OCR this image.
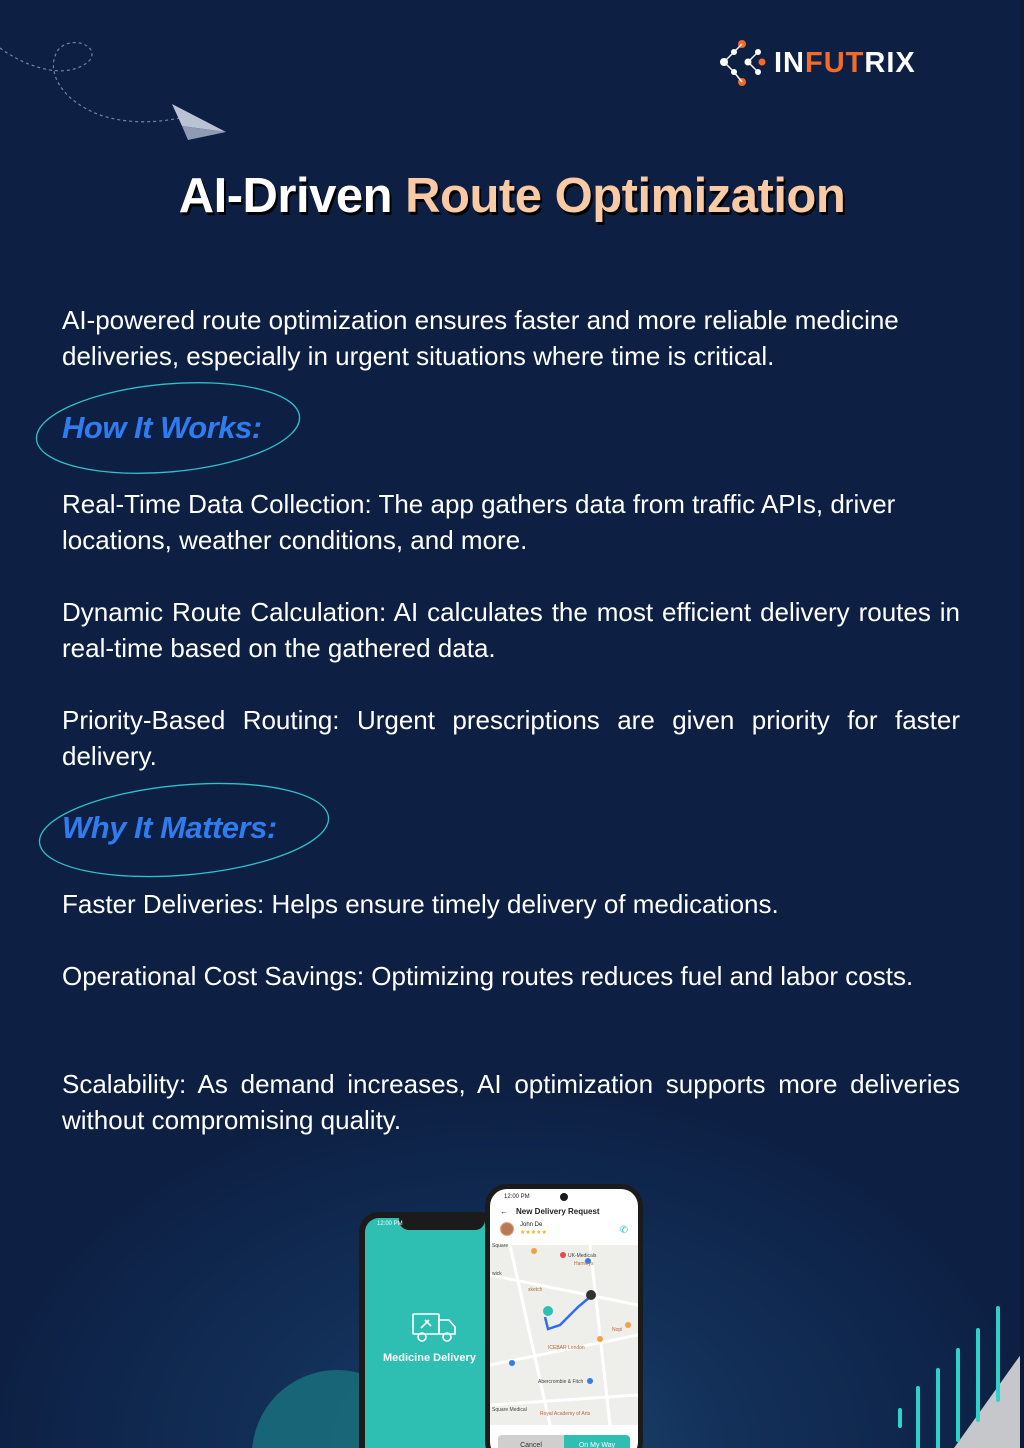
INFUTRIX
AI-Driven Route Optimization

AI-powered route optimization ensures faster and more reliable medicine deliveries, especially in urgent situations where time is critical.

How It Works:

Real-Time Data Collection: The app gathers data from traffic APIs, driver locations, weather conditions, and more.

Dynamic Route Calculation: AI calculates the most efficient delivery routes in real-time based on the gathered data.

Priority-Based Routing: Urgent prescriptions are given priority for faster delivery.

Why It Matters:

Faster Deliveries: Helps ensure timely delivery of medications.

Operational Cost Savings: Optimizing routes reduces fuel and labor costs.

Scalability: As demand increases, AI optimization supports more deliveries without compromising quality.

12:00 PM
Medicine Delivery
12:00 PM
← New Delivery Request
John De
★★★★★	✆
Square
wick
UK-Medicals
Hamleys
sketch
Nopi
ICEBAR London
Abercrombie & Fitch
Square Medical
Royal Academy of Arts
Cancel	On My Way
